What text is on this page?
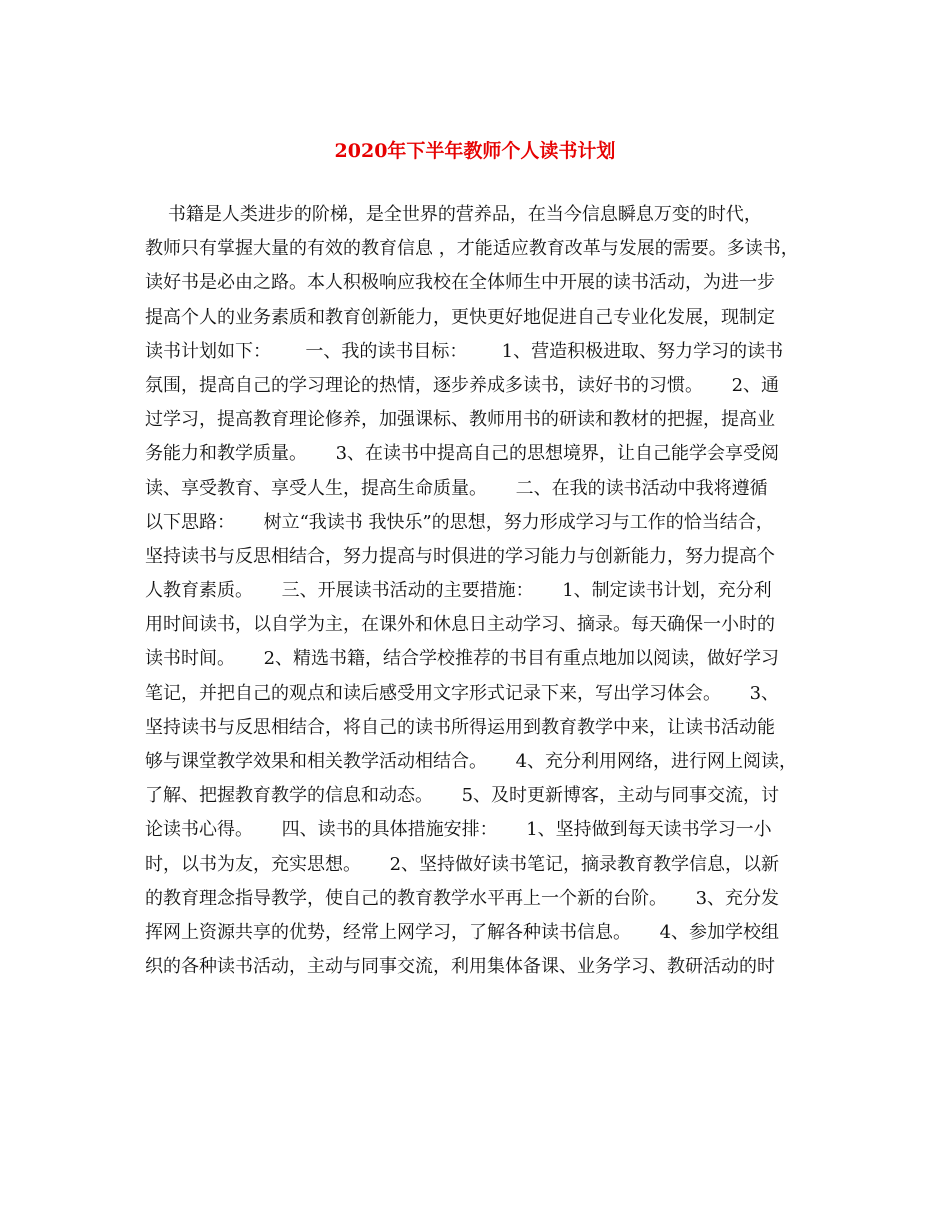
2020年下半年教师个人读书计划
书籍是人类进步的阶梯，是全世界的营养品，在当今信息瞬息万变的时代，
教师只有掌握大量的有效的教育信息 ，才能适应教育改革与发展的需要。多读书，
读好书是必由之路。本人积极响应我校在全体师生中开展的读书活动，为进一步
提高个人的业务素质和教育创新能力，更快更好地促进自己专业化发展，现制定
读书计划如下：      一、我的读书目标：      1、营造积极进取、努力学习的读书
氛围，提高自己的学习理论的热情，逐步养成多读书，读好书的习惯。     2、通
过学习，提高教育理论修养，加强课标、教师用书的研读和教材的把握，提高业
务能力和教学质量。     3、在读书中提高自己的思想境界，让自己能学会享受阅
读、享受教育、享受人生，提高生命质量。     二、在我的读书活动中我将遵循
以下思路：     树立“我读书 我快乐”的思想，努力形成学习与工作的恰当结合，
坚持读书与反思相结合，努力提高与时俱进的学习能力与创新能力，努力提高个
人教育素质。     三、开展读书活动的主要措施：     1、制定读书计划，充分利
用时间读书，以自学为主，在课外和休息日主动学习、摘录。每天确保一小时的
读书时间。     2、精选书籍，结合学校推荐的书目有重点地加以阅读，做好学习
笔记，并把自己的观点和读后感受用文字形式记录下来，写出学习体会。     3、
坚持读书与反思相结合，将自己的读书所得运用到教育教学中来，让读书活动能
够与课堂教学效果和相关教学活动相结合。     4、充分利用网络，进行网上阅读，
了解、把握教育教学的信息和动态。     5、及时更新博客，主动与同事交流，讨
论读书心得。     四、读书的具体措施安排：     1、坚持做到每天读书学习一小
时，以书为友，充实思想。     2、坚持做好读书笔记，摘录教育教学信息，以新
的教育理念指导教学，使自己的教育教学水平再上一个新的台阶。     3、充分发
挥网上资源共享的优势，经常上网学习，了解各种读书信息。     4、参加学校组
织的各种读书活动，主动与同事交流，利用集体备课、业务学习、教研活动的时
